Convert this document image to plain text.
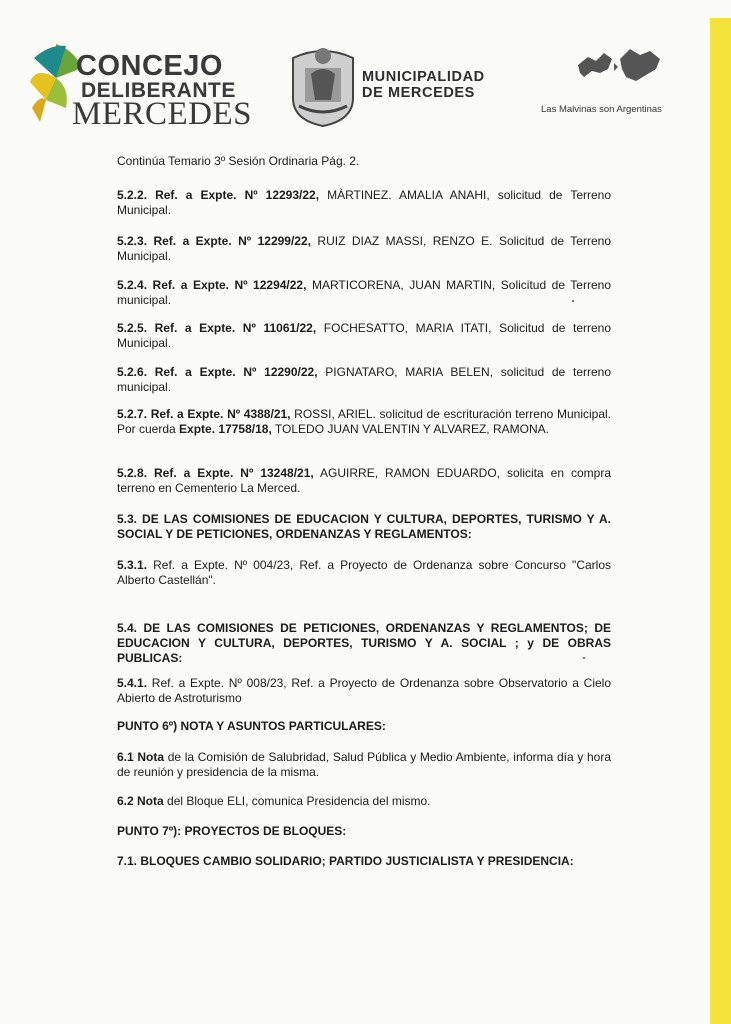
CONCEJO
DELIBERANTE
MERCEDES
MUNICIPALIDAD
DE MERCEDES
Las Malvinas son Argentinas

Continúa Temario 3º Sesión Ordinaria Pág. 2.

5.2.2. Ref. a Expte. Nº 12293/22, MÀRTINEZ. AMALIA ANAHI, solicitud de Terreno Municipal.

5.2.3. Ref. a Expte. Nº 12299/22, RUIZ DIAZ MASSI, RENZO E. Solicitud de Terreno Municipal.

5.2.4. Ref. a Expte. Nº 12294/22, MARTICORENA, JUAN MARTIN, Solicitud de Terreno municipal.

5.2.5. Ref. a Expte. Nº 11061/22, FOCHESATTO, MARIA ITATI, Solicitud de terreno Municipal.

5.2.6. Ref. a Expte. Nº 12290/22, PIGNATARO, MARIA BELEN, solicitud de terreno municipal.

5.2.7. Ref. a Expte. Nº 4388/21, ROSSI, ARIEL. solicitud de escrituración terreno Municipal. Por cuerda Expte. 17758/18, TOLEDO JUAN VALENTIN Y ALVAREZ, RAMONA.

5.2.8. Ref. a Expte. Nº 13248/21, AGUIRRE, RAMON EDUARDO, solicita en compra terreno en Cementerio La Merced.

5.3. DE LAS COMISIONES DE EDUCACION Y CULTURA, DEPORTES, TURISMO Y A. SOCIAL Y DE PETICIONES, ORDENANZAS Y REGLAMENTOS:

5.3.1. Ref. a Expte. Nº 004/23, Ref. a Proyecto de Ordenanza sobre Concurso "Carlos Alberto Castellán".

5.4. DE LAS COMISIONES DE PETICIONES, ORDENANZAS Y REGLAMENTOS; DE EDUCACION Y CULTURA, DEPORTES, TURISMO Y A. SOCIAL ; y DE OBRAS PUBLICAS:

5.4.1. Ref. a Expte. Nº 008/23, Ref. a Proyecto de Ordenanza sobre Observatorio a Cielo Abierto de Astroturismo

PUNTO 6º) NOTA Y ASUNTOS PARTICULARES:

6.1 Nota de la Comisión de Salubridad, Salud Pública y Medio Ambiente, informa día y hora de reunión y presidencia de la misma.

6.2 Nota del Bloque ELI, comunica Presidencia del mismo.

PUNTO 7º): PROYECTOS DE BLOQUES:

7.1. BLOQUES CAMBIO SOLIDARIO; PARTIDO JUSTICIALISTA Y PRESIDENCIA:
